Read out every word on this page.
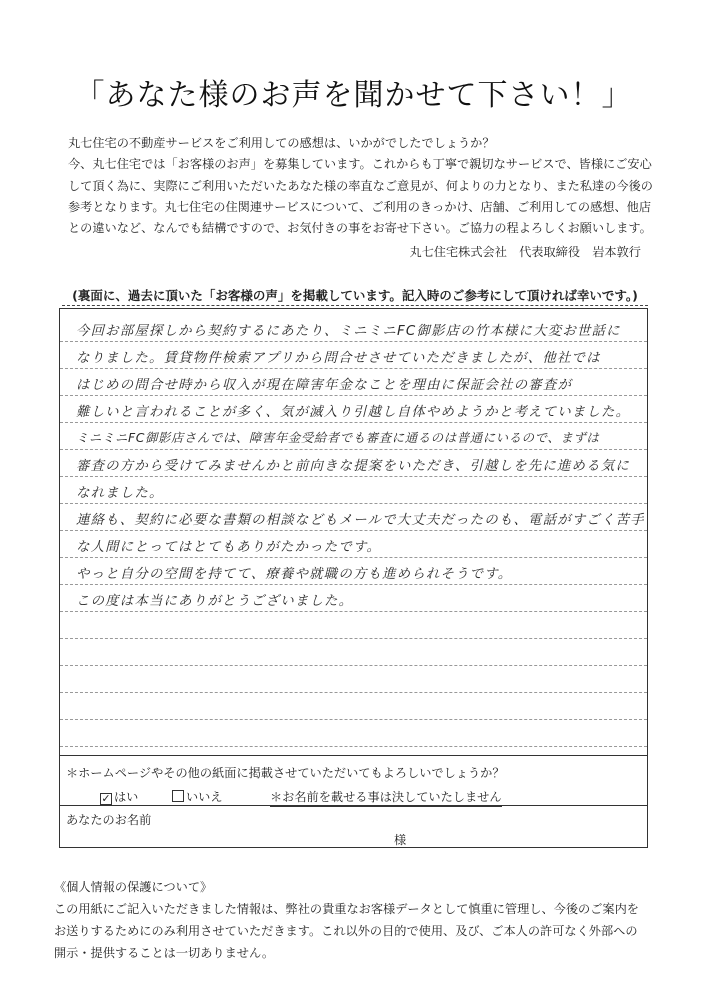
「あなた様のお声を聞かせて下さい！」

丸七住宅の不動産サービスをご利用しての感想は、いかがでしたでしょうか？

今、丸七住宅では「お客様のお声」を募集しています。これからも丁寧で親切なサービスで、皆様にご安心

して頂く為に、実際にご利用いただいたあなた様の率直なご意見が、何よりの力となり、また私達の今後の

参考となります。丸七住宅の住関連サービスについて、ご利用のきっかけ、店舗、ご利用しての感想、他店

との違いなど、なんでも結構ですので、お気付きの事をお寄せ下さい。ご協力の程よろしくお願いします。

丸七住宅株式会社　代表取締役　岩本敦行
(裏面に、過去に頂いた「お客様の声」を掲載しています。記入時のご参考にして頂ければ幸いです。)
今回お部屋探しから契約するにあたり、ミニミニFC御影店の竹本様に大変お世話に
なりました。賃貸物件検索アプリから問合せさせていただきましたが、他社では
はじめの問合せ時から収入が現在障害年金なことを理由に保証会社の審査が
難しいと言われることが多く、気が滅入り引越し自体やめようかと考えていました。
ミニミニFC御影店さんでは、障害年金受給者でも審査に通るのは普通にいるので、まずは
審査の方から受けてみませんかと前向きな提案をいただき、引越しを先に進める気に
なれました。
連絡も、契約に必要な書類の相談などもメールで大丈夫だったのも、電話がすごく苦手
な人間にとってはとてもありがたかったです。
やっと自分の空間を持てて、療養や就職の方も進められそうです。
この度は本当にありがとうございました。
＊ホームページやその他の紙面に掲載させていただいてもよろしいでしょうか？
✓ はい	いいえ	＊お名前を載せる事は決していたしません
あなたのお名前
様

《個人情報の保護について》

この用紙にご記入いただきました情報は、弊社の貴重なお客様データとして慎重に管理し、今後のご案内を

お送りするためにのみ利用させていただきます。これ以外の目的で使用、及び、ご本人の許可なく外部への

開示・提供することは一切ありません。
